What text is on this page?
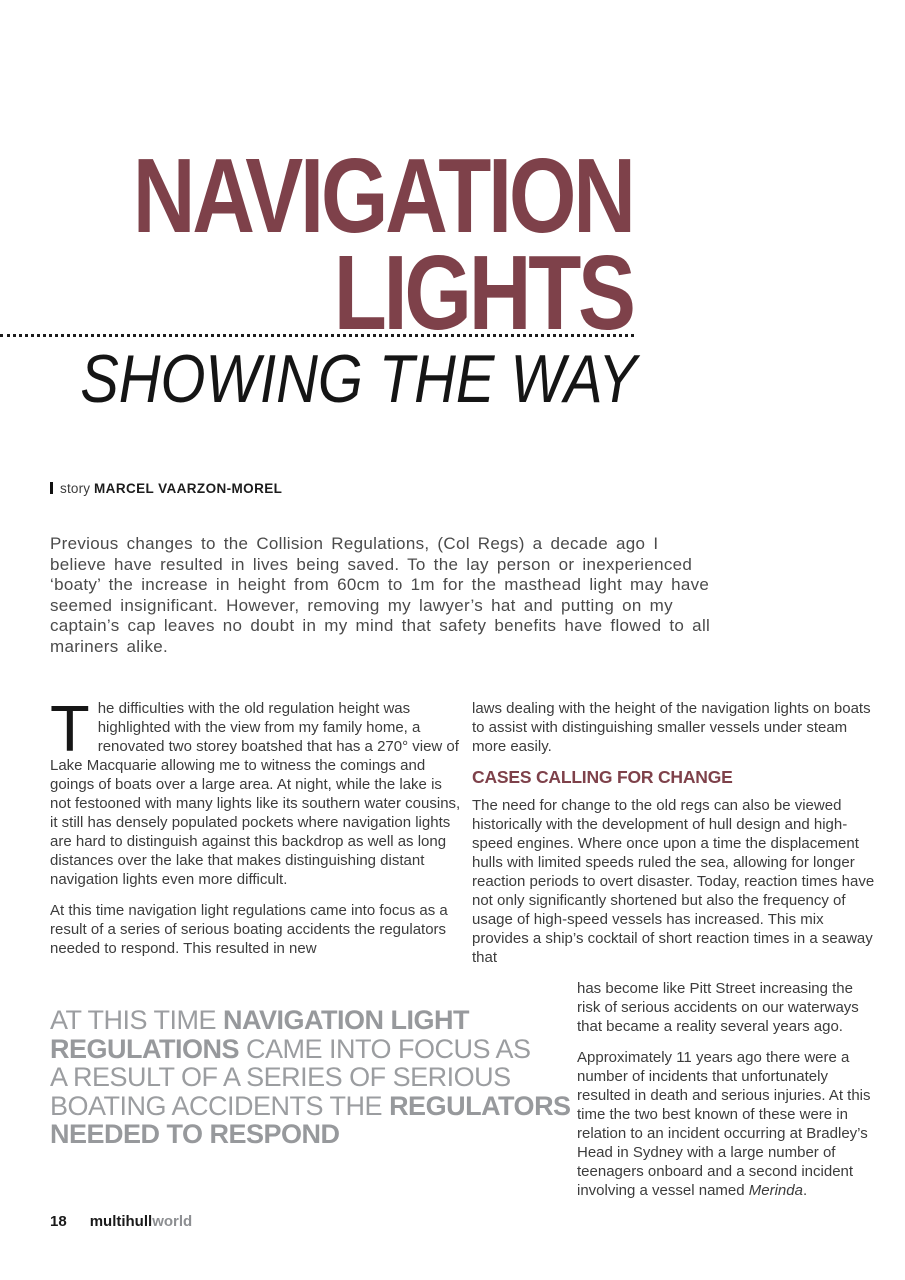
NAVIGATION
LIGHTS
SHOWING THE WAY
story MARCEL VAARZON-MOREL
Previous changes to the Collision Regulations, (Col Regs) a decade ago I
believe have resulted in lives being saved. To the lay person or inexperienced
‘boaty’ the increase in height from 60cm to 1m for the masthead light may have
seemed insignificant. However, removing my lawyer’s hat and putting on my
captain’s cap leaves no doubt in my mind that safety benefits have flowed to all
mariners alike.

The difficulties with the old regulation height was highlighted with the view from my family home, a renovated two storey boatshed that has a 270° view of Lake Macquarie allowing me to witness the comings and goings of boats over a large area. At night, while the lake is not festooned with many lights like its southern water cousins, it still has densely populated pockets where navigation lights are hard to distinguish against this backdrop as well as long distances over the lake that makes distinguishing distant navigation lights even more difficult.

At this time navigation light regulations came into focus as a result of a series of serious boating accidents the regulators needed to respond. This resulted in new

laws dealing with the height of the navigation lights on boats to assist with distinguishing smaller vessels under steam more easily.

CASES CALLING FOR CHANGE

The need for change to the old regs can also be viewed historically with the development of hull design and high-speed engines. Where once upon a time the displacement hulls with limited speeds ruled the sea, allowing for longer reaction periods to overt disaster. Today, reaction times have not only significantly shortened but also the frequency of usage of high-speed vessels has increased. This mix provides a ship’s cocktail of short reaction times in a seaway that

has become like Pitt Street increasing the risk of serious accidents on our waterways that became a reality several years ago.

Approximately 11 years ago there were a number of incidents that unfortunately resulted in death and serious injuries. At this time the two best known of these were in relation to an incident occurring at Bradley’s Head in Sydney with a large number of teenagers onboard and a second incident involving a vessel named Merinda.

AT THIS TIME NAVIGATION LIGHT
REGULATIONS CAME INTO FOCUS AS
A RESULT OF A SERIES OF SERIOUS
BOATING ACCIDENTS THE REGULATORS
NEEDED TO RESPOND
18 multihullworld
